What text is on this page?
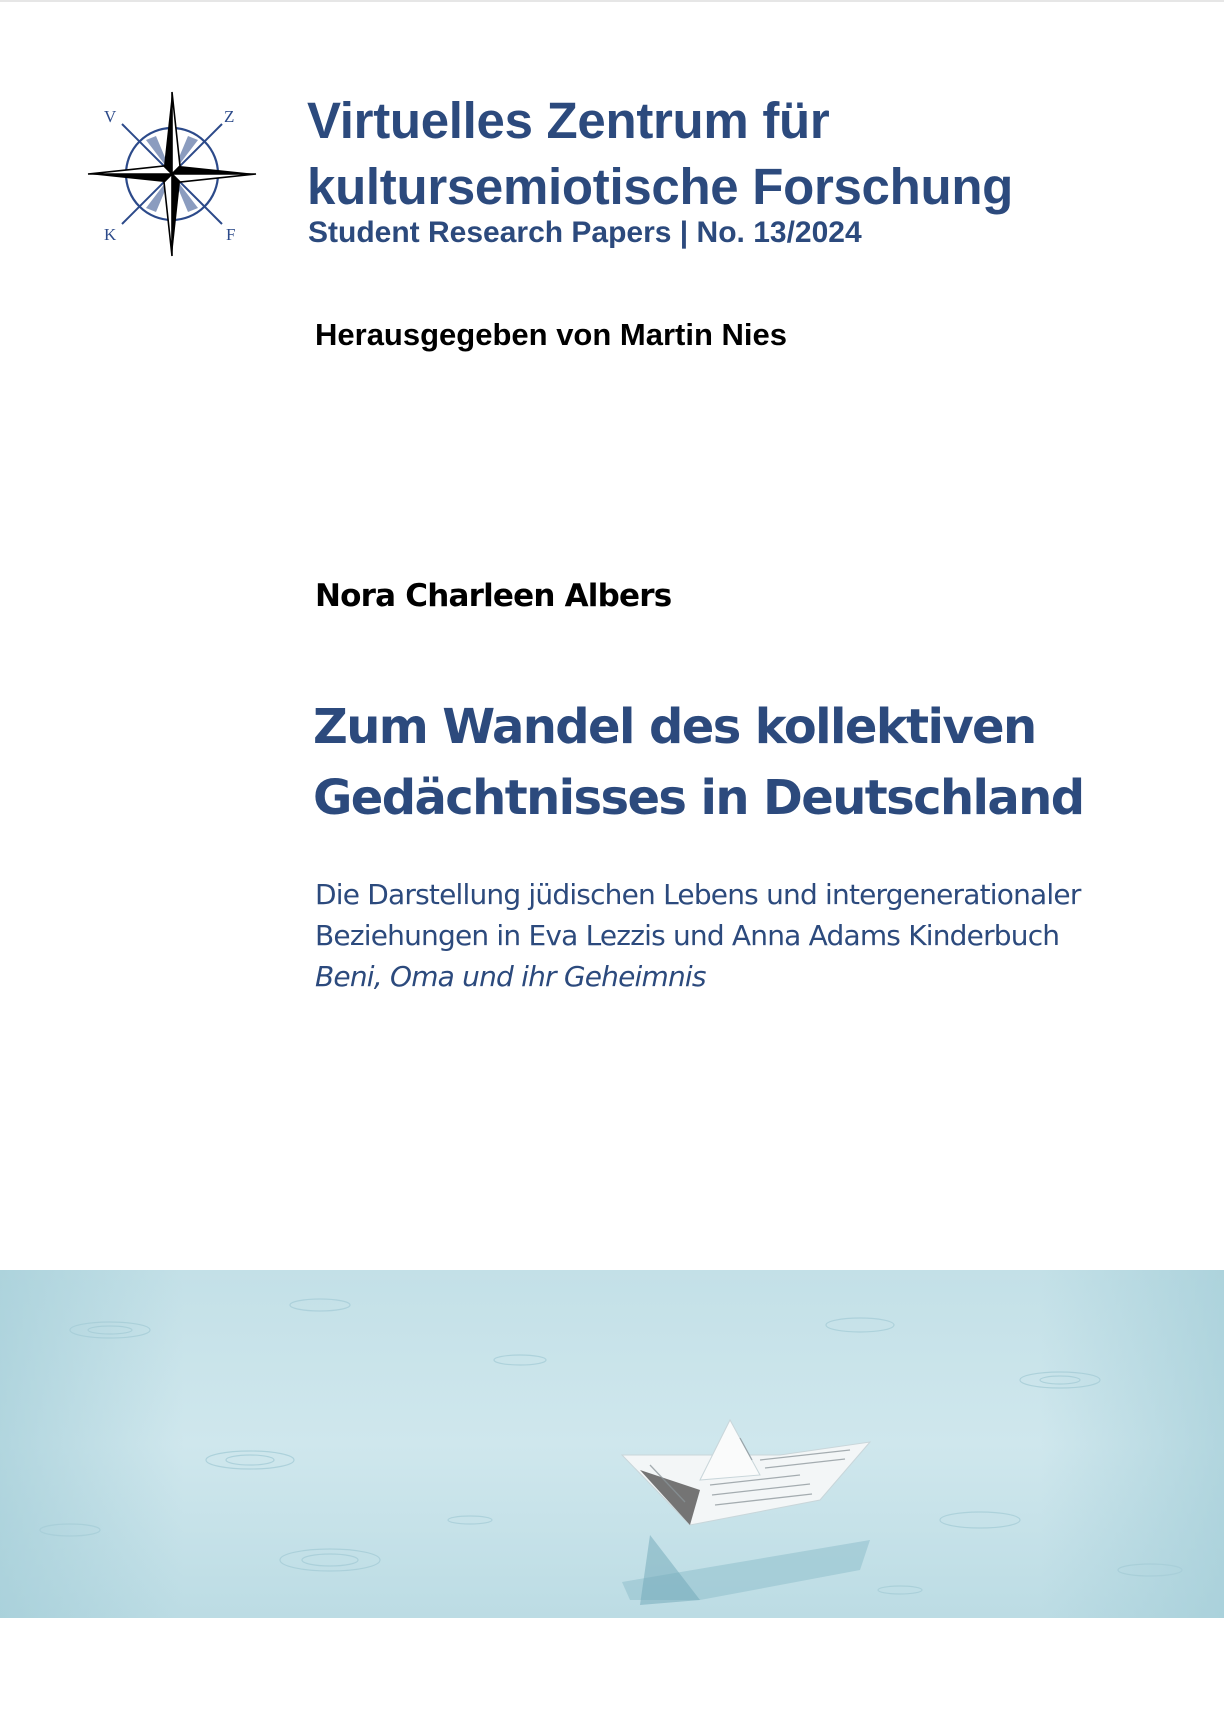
V	Z
K	F
Virtuelles Zentrum für
kultursemiotische Forschung
Student Research Papers | No. 13/2024
Herausgegeben von Martin Nies
Nora Charleen Albers
Zum Wandel des kollektiven
Gedächtnisses in Deutschland
Die Darstellung jüdischen Lebens und intergenerationaler
Beziehungen in Eva Lezzis und Anna Adams Kinderbuch
Beni, Oma und ihr Geheimnis
